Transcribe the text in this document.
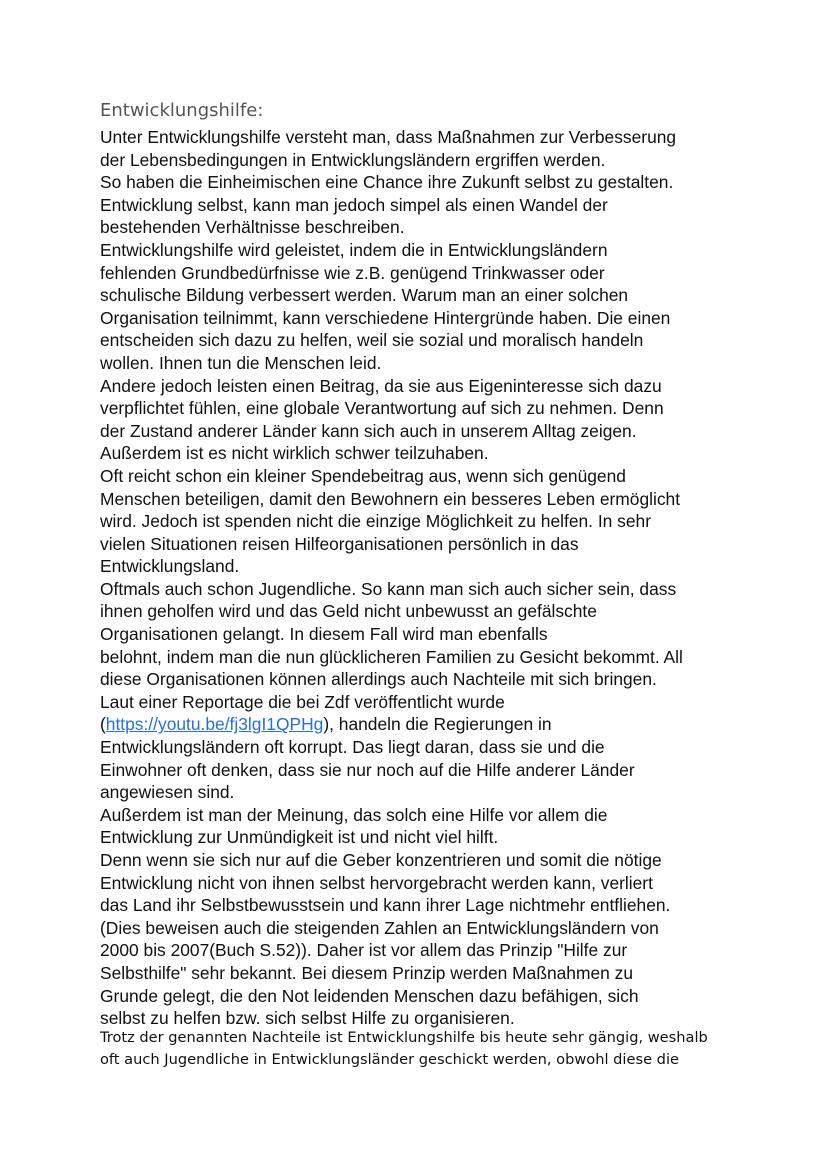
Entwicklungshilfe:
Unter Entwicklungshilfe versteht man, dass Maßnahmen zur Verbesserung
der Lebensbedingungen in Entwicklungsländern ergriffen werden.
So haben die Einheimischen eine Chance ihre Zukunft selbst zu gestalten.
Entwicklung selbst, kann man jedoch simpel als einen Wandel der
bestehenden Verhältnisse beschreiben.
Entwicklungshilfe wird geleistet, indem die in Entwicklungsländern
fehlenden Grundbedürfnisse wie z.B. genügend Trinkwasser oder
schulische Bildung verbessert werden. Warum man an einer solchen
Organisation teilnimmt, kann verschiedene Hintergründe haben. Die einen
entscheiden sich dazu zu helfen, weil sie sozial und moralisch handeln
wollen. Ihnen tun die Menschen leid.
Andere jedoch leisten einen Beitrag, da sie aus Eigeninteresse sich dazu
verpflichtet fühlen, eine globale Verantwortung auf sich zu nehmen. Denn
der Zustand anderer Länder kann sich auch in unserem Alltag zeigen.
Außerdem ist es nicht wirklich schwer teilzuhaben.
Oft reicht schon ein kleiner Spendebeitrag aus, wenn sich genügend
Menschen beteiligen, damit den Bewohnern ein besseres Leben ermöglicht
wird. Jedoch ist spenden nicht die einzige Möglichkeit zu helfen. In sehr
vielen Situationen reisen Hilfeorganisationen persönlich in das
Entwicklungsland.
Oftmals auch schon Jugendliche. So kann man sich auch sicher sein, dass
ihnen geholfen wird und das Geld nicht unbewusst an gefälschte
Organisationen gelangt. In diesem Fall wird man ebenfalls
belohnt, indem man die nun glücklicheren Familien zu Gesicht bekommt. All
diese Organisationen können allerdings auch Nachteile mit sich bringen.
Laut einer Reportage die bei Zdf veröffentlicht wurde
(https://youtu.be/fj3lgI1QPHg), handeln die Regierungen in
Entwicklungsländern oft korrupt. Das liegt daran, dass sie und die
Einwohner oft denken, dass sie nur noch auf die Hilfe anderer Länder
angewiesen sind.
Außerdem ist man der Meinung, das solch eine Hilfe vor allem die
Entwicklung zur Unmündigkeit ist und nicht viel hilft.
Denn wenn sie sich nur auf die Geber konzentrieren und somit die nötige
Entwicklung nicht von ihnen selbst hervorgebracht werden kann, verliert
das Land ihr Selbstbewusstsein und kann ihrer Lage nichtmehr entfliehen.
(Dies beweisen auch die steigenden Zahlen an Entwicklungsländern von
2000 bis 2007(Buch S.52)). Daher ist vor allem das Prinzip "Hilfe zur
Selbsthilfe" sehr bekannt. Bei diesem Prinzip werden Maßnahmen zu
Grunde gelegt, die den Not leidenden Menschen dazu befähigen, sich
selbst zu helfen bzw. sich selbst Hilfe zu organisieren.
Trotz der genannten Nachteile ist Entwicklungshilfe bis heute sehr gängig, weshalb
oft auch Jugendliche in Entwicklungsländer geschickt werden, obwohl diese die
